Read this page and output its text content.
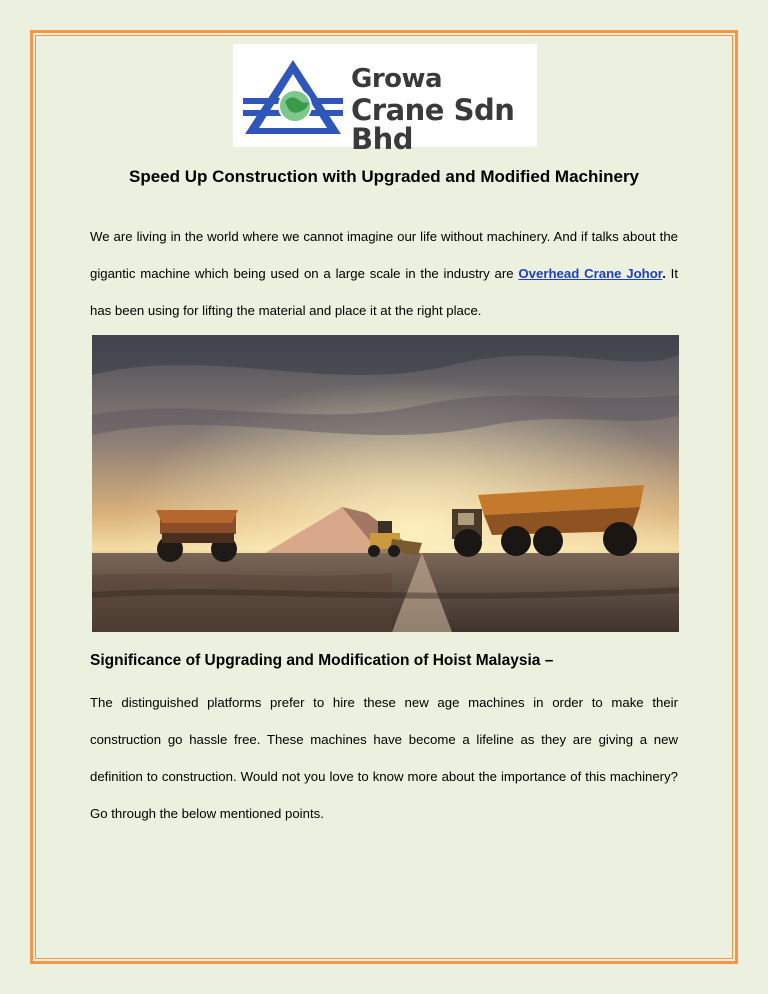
Growa
Crane Sdn Bhd
Speed Up Construction with Upgraded and Modified Machinery

We are living in the world where we cannot imagine our life without machinery. And if talks about the gigantic machine which being used on a large scale in the industry are Overhead Crane Johor. It has been using for lifting the material and place it at the right place.

Significance of Upgrading and Modification of Hoist Malaysia –

The distinguished platforms prefer to hire these new age machines in order to make their construction go hassle free. These machines have become a lifeline as they are giving a new definition to construction. Would not you love to know more about the importance of this machinery? Go through the below mentioned points.
